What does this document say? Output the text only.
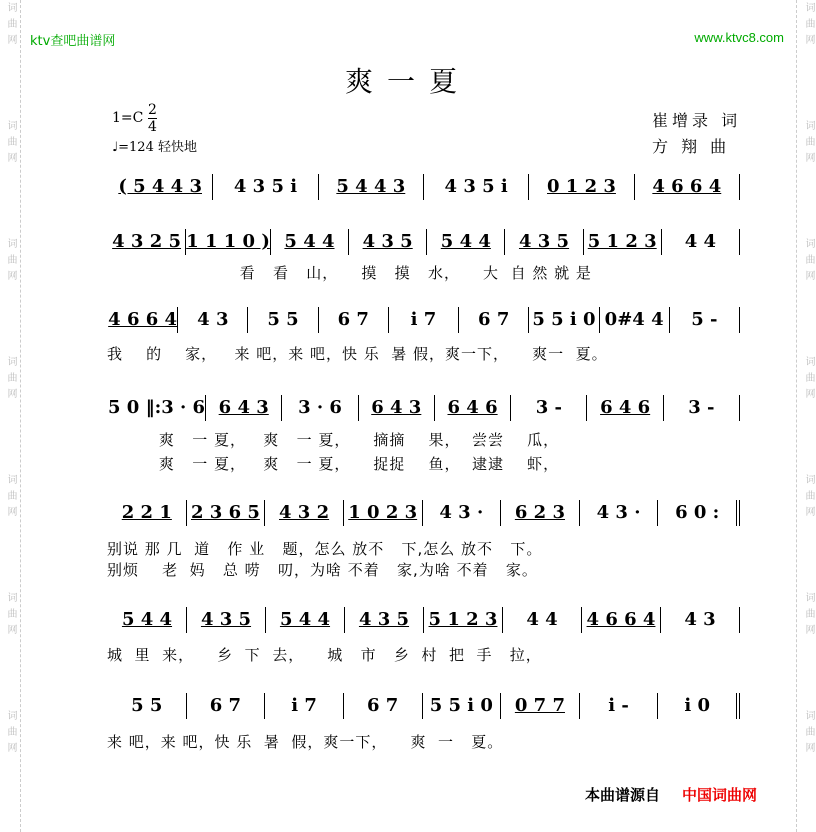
词曲网	词曲网
词曲网	词曲网
词曲网	词曲网
词曲网	词曲网
词曲网	词曲网
词曲网	词曲网
词曲网	词曲网
ktv查吧曲谱网	www.ktvc8.com
爽一夏
$1=C \frac{2}{4}$
♩=124 轻快地
崔增录 词
方 翔 曲
( 5 4 4 3	4 3 5 i	5 4 4 3	4 3 5 i	0 1 2 3	4 6 6 4
4 3 2 5 1 1 1 0 ) 5 4 4	4 3 5	5 4 4	4 3 5	5 1 2 3	4 4
看   看   山，    摸   摸   水，    大  自 然 就 是
4 6 6 4	4 3	5 5	6 7	i 7	6 7	5 5 i 0 0#4 4	5 -
我    的    家，   来 吧，来 吧，快 乐  暑 假，爽一下，    爽一  夏。
5 0 ‖:3 · 6 6 4 3	3 · 6	6 4 3	6 4 6	3 -	6 4 6	3 -
爽   一 夏，   爽   一 夏，    摘摘    果，  尝尝    瓜，
爽   一 夏，   爽   一 夏，    捉捉    鱼，  逮逮    虾，
2 2 1	2 3 6 5	4 3 2	1 0 2 3	4 3 ·	6 2 3	4 3 ·	6 0 :
别说 那 几  道   作 业   题，怎么 放不   下,怎么 放不   下。
别烦    老  妈   总 唠   叨，为啥 不着   家,为啥 不着   家。
5 4 4	4 3 5	5 4 4	4 3 5	5 1 2 3	4 4	4 6 6 4	4 3
城  里  来，    乡  下  去，    城   市   乡  村  把  手   拉，
5 5	6 7	i 7	6 7	5 5 i 0	0 7 7	i -	i 0
来 吧，来 吧，快 乐  暑  假，爽一下，    爽  一   夏。
本曲谱源自 中国词曲网
